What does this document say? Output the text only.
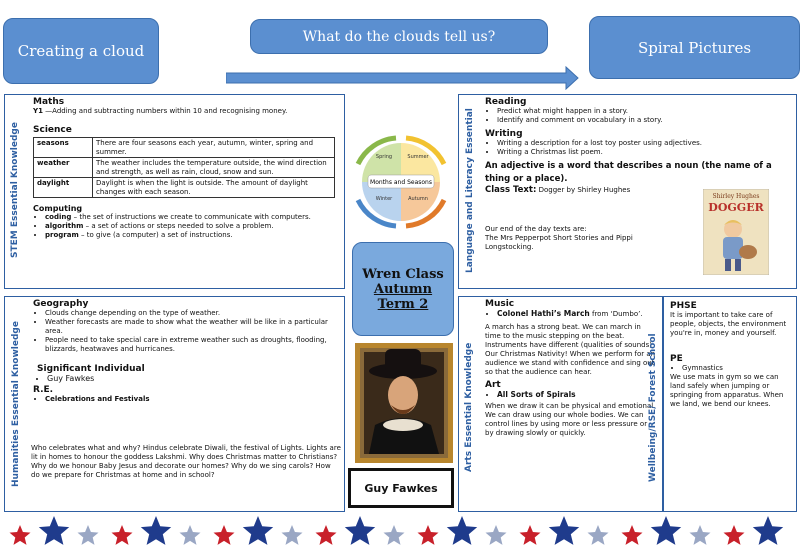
Creating a cloud
What do the clouds tell us?
Spiral Pictures
STEM Essential Knowledge

Maths

Y1 —Adding and subtracting numbers within 10 and recognising money.

Science

seasons	There are four seasons each year, autumn, winter, spring and summer.
weather	The weather includes the temperature outside, the wind direction and strength, as well as rain, cloud, snow and sun.
daylight	Daylight is when the light is outside. The amount of daylight changes with each season.

Computing

• coding – the set of instructions we create to communicate with computers.
• algorithm – a set of actions or steps needed to solve a problem.
• program – to give (a computer) a set of instructions.
Months and Seasons
Spring	Summer
Autumn
Winter	Language and Literacy Essential

Reading

• Predict what might happen in a story.
• Identify and comment on vocabulary in a story.

Writing

• Writing a description for a lost toy poster using adjectives.
• Writing a Christmas list poem.

An adjective is a word that describes a noun (the name of a thing or a place).

Class Text: Dogger by Shirley Hughes

Our end of the day texts are:

The Mrs Pepperpot Short Stories and Pippi Longstocking.

Shirley Hughes
DOGGER
Wren Class
Autumn
Term 2
Guy Fawkes
Humanities Essential Knowledge

Geography

• Clouds change depending on the type of weather.
• Weather forecasts are made to show what the weather will be like in a particular area.
• People need to take special care in extreme weather such as droughts, flooding, blizzards, heatwaves and hurricanes.

Significant Individual

• Guy Fawkes

R.E.

• Celebrations and Festivals

Who celebrates what and why? Hindus celebrate Diwali, the festival of Lights. Lights are lit in homes to honour the goddess Lakshmi. Why does Christmas matter to Christians? Why do we honour Baby Jesus and decorate our homes? Why do we sing carols? How do we prepare for Christmas at home and in school?

Arts Essential Knowledge

Music

• Colonel Hathi’s March from ‘Dumbo’.

A march has a strong beat. We can march in time to the music stepping on the beat. Instruments have different (qualities of sounds)

Our Christmas Nativity! When we perform for an audience we stand with confidence and sing out so that the audience can hear.

Art

• All Sorts of Spirals

When we draw it can be physical and emotional. We can draw using our whole bodies. We can control lines by using more or less pressure or by drawing slowly or quickly.	Wellbeing/RSE/ Forest School

PHSE

It is important to take care of people, objects, the environment you're in, money and yourself.

PE

• Gymnastics

We use mats in gym so we can land safely when jumping or springing from apparatus. When we land, we bend our knees.
